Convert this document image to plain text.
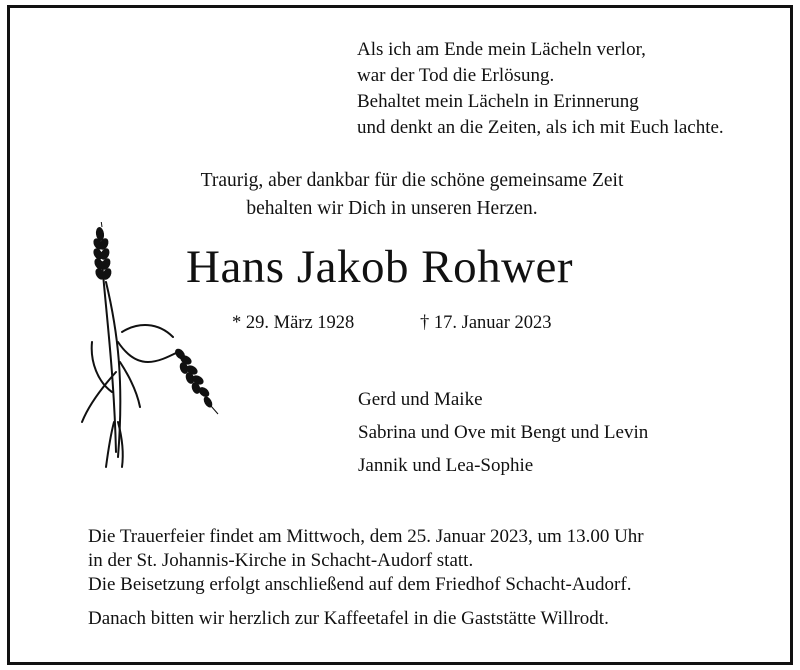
Als ich am Ende mein Lächeln verlor,
war der Tod die Erlösung.
Behaltet mein Lächeln in Erinnerung
und denkt an die Zeiten, als ich mit Euch lachte.
Traurig, aber dankbar für die schöne gemeinsame Zeit
behalten wir Dich in unseren Herzen.
Hans Jakob Rohwer
* 29. März 1928	† 17. Januar 2023
Gerd und Maike
Sabrina und Ove mit Bengt und Levin
Jannik und Lea-Sophie
Die Trauerfeier findet am Mittwoch, dem 25. Januar 2023, um 13.00 Uhr
in der St. Johannis-Kirche in Schacht-Audorf statt.
Die Beisetzung erfolgt anschließend auf dem Friedhof Schacht-Audorf.
Danach bitten wir herzlich zur Kaffeetafel in die Gaststätte Willrodt.
